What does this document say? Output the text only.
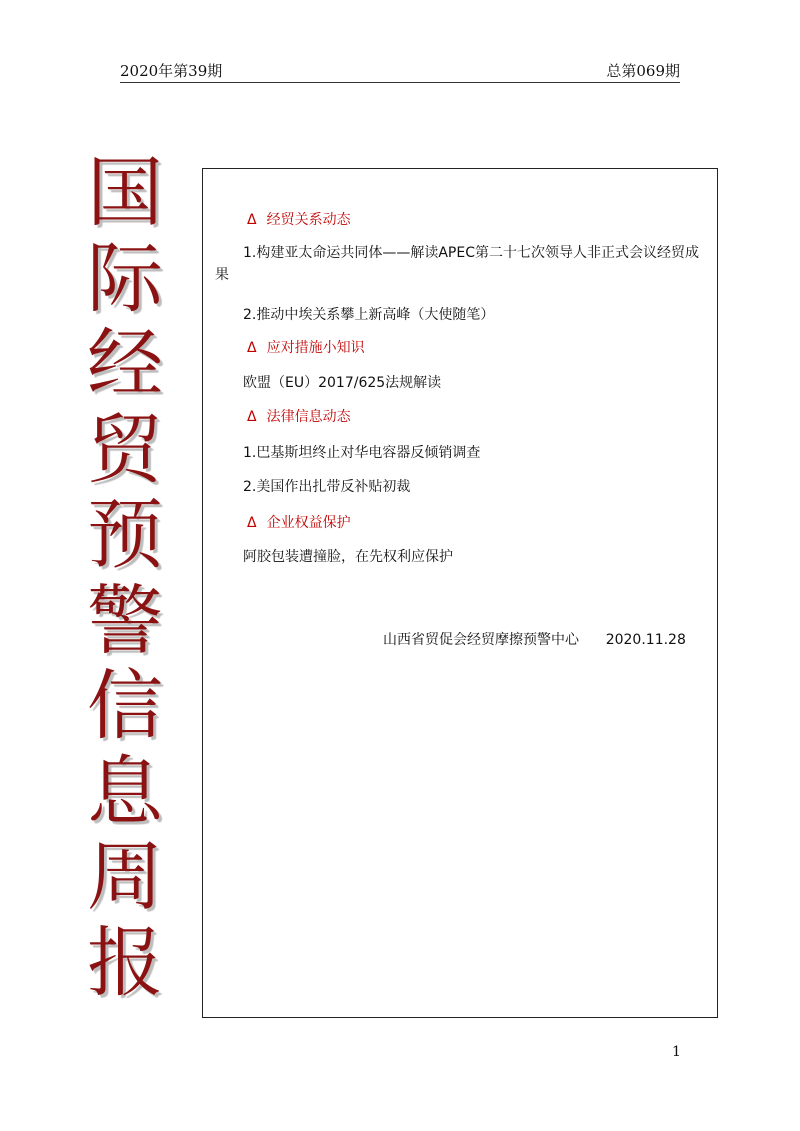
2020年第39期	总第069期
国
际
经
贸
预
警
信
息
周
报
Δ 经贸关系动态
1.构建亚太命运共同体——解读APEC第二十七次领导人非正式会议经贸成果
2.推动中埃关系攀上新高峰（大使随笔）
Δ 应对措施小知识
欧盟（EU）2017/625法规解读
Δ 法律信息动态
1.巴基斯坦终止对华电容器反倾销调查
2.美国作出扎带反补贴初裁
Δ 企业权益保护
阿胶包装遭撞脸，在先权利应保护
山西省贸促会经贸摩擦预警中心 2020.11.28
1
